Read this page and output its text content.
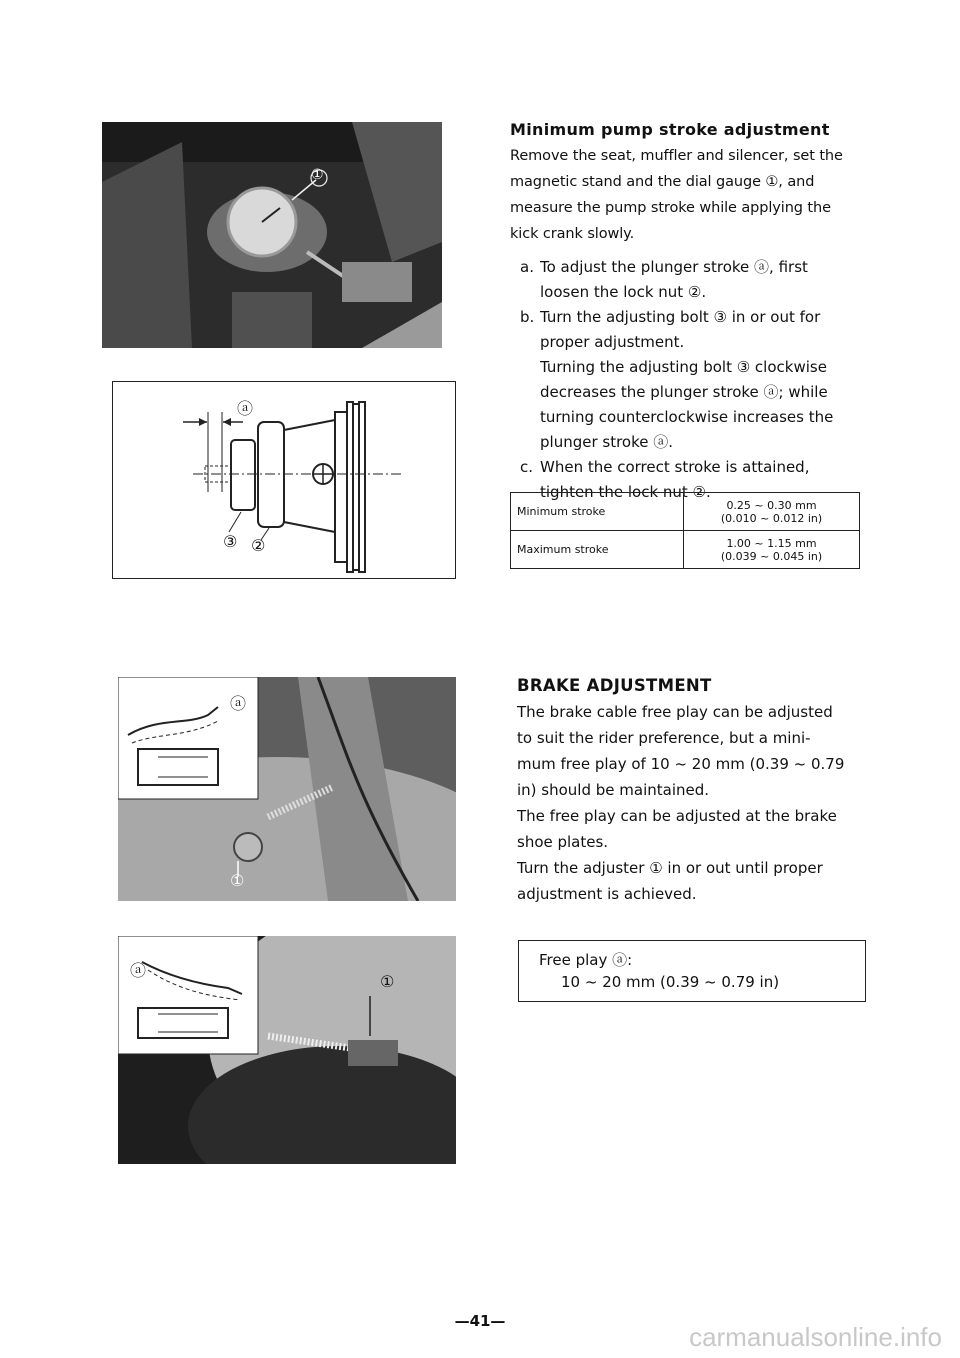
①
ⓐ
③ ②
ⓐ
①
ⓐ
①
Minimum pump stroke adjustment

Remove the seat, muffler and silencer, set the magnetic stand and the dial gauge ①, and measure the pump stroke while applying the kick crank slowly.

a. To adjust the plunger stroke ⓐ, first
loosen the lock nut ②.
b. Turn the adjusting bolt ③ in or out for
proper adjustment.
Turning the adjusting bolt ③ clockwise
decreases the plunger stroke ⓐ; while
turning counterclockwise increases the
plunger stroke ⓐ.
c. When the correct stroke is attained,
tighten the lock nut ②.
Minimum stroke	0.25 ~ 0.30 mm
(0.010 ~ 0.012 in)

Maximum stroke	1.00 ~ 1.15 mm
(0.039 ~ 0.045 in)
BRAKE ADJUSTMENT
The brake cable free play can be adjusted
to suit the rider preference, but a mini-
mum free play of 10 ~ 20 mm (0.39 ~ 0.79
in) should be maintained.
The free play can be adjusted at the brake
shoe plates.
Turn the adjuster ① in or out until proper
adjustment is achieved.
Free play ⓐ:
10 ~ 20 mm (0.39 ~ 0.79 in)
—41—
carmanualsonline.info
